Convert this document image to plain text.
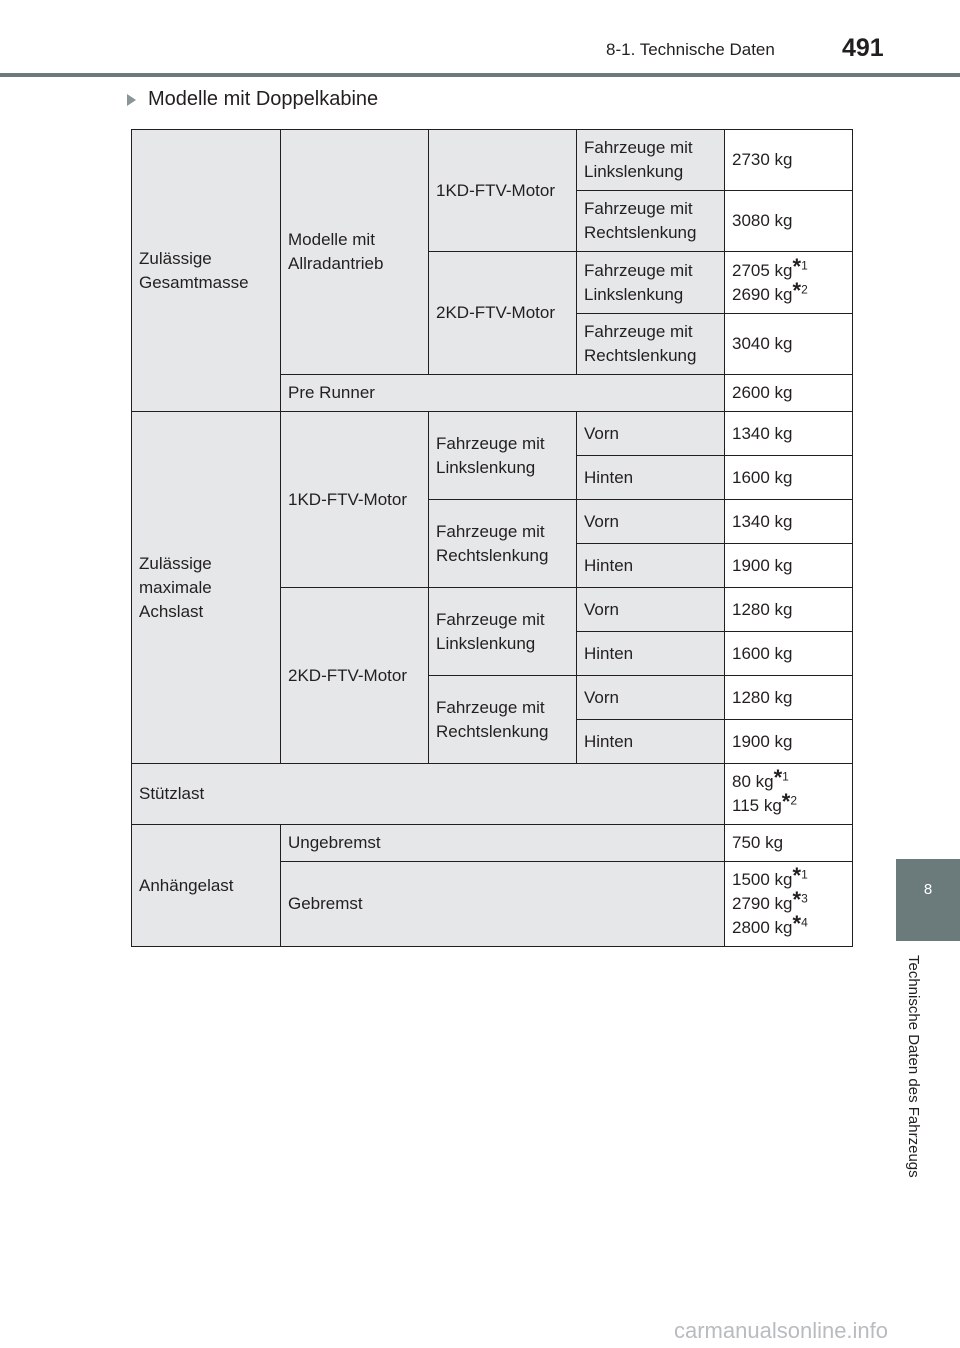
8-1. Technische Daten	491
Modelle mit Doppelkabine
Zulässige Gesamtmasse	Modelle mit Allradantrieb	1KD-FTV-Motor	Fahrzeuge mit Linkslenkung	2730 kg
			Fahrzeuge mit Rechtslenkung	3080 kg
		2KD-FTV-Motor	Fahrzeuge mit Linkslenkung	2705 kg*$^1$
2690 kg*$^2$

			Fahrzeuge mit Rechtslenkung	3040 kg
	Pre Runner			2600 kg
Zulässige maximale Achslast	1KD-FTV-Motor	Fahrzeuge mit Linkslenkung	Vorn	1340 kg
			Hinten	1600 kg
		Fahrzeuge mit Rechtslenkung	Vorn	1340 kg
			Hinten	1900 kg
	2KD-FTV-Motor	Fahrzeuge mit Linkslenkung	Vorn	1280 kg
			Hinten	1600 kg
		Fahrzeuge mit Rechtslenkung	Vorn	1280 kg
			Hinten	1900 kg
Stützlast				80 kg*$^1$
115 kg*$^2$

Anhängelast	Ungebremst			750 kg
	Gebremst			1500 kg*$^1$
2790 kg*$^3$
2800 kg*$^4$
8
Technische Daten des Fahrzeugs
carmanualsonline.info
